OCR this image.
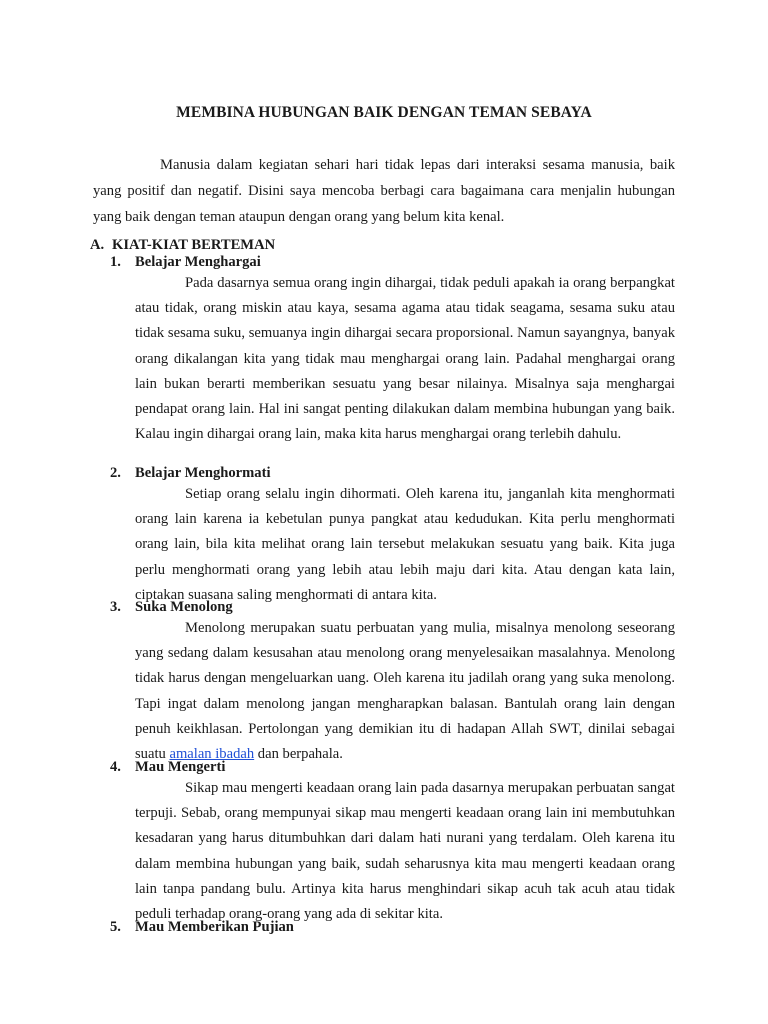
MEMBINA HUBUNGAN BAIK DENGAN TEMAN SEBAYA

Manusia dalam kegiatan sehari hari tidak lepas dari interaksi sesama manusia, baik yang positif dan negatif. Disini saya mencoba berbagi cara bagaimana cara menjalin hubungan yang baik dengan teman ataupun dengan orang yang belum kita kenal.

A. KIAT-KIAT BERTEMAN
1. Belajar Menghargai

Pada dasarnya semua orang ingin dihargai, tidak peduli apakah ia orang berpangkat atau tidak, orang miskin atau kaya, sesama agama atau tidak seagama, sesama suku atau tidak sesama suku, semuanya ingin dihargai secara proporsional. Namun sayangnya, banyak orang dikalangan kita yang tidak mau menghargai orang lain. Padahal menghargai orang lain bukan berarti memberikan sesuatu yang besar nilainya. Misalnya saja menghargai pendapat orang lain. Hal ini sangat penting dilakukan dalam membina hubungan yang baik. Kalau ingin dihargai orang lain, maka kita harus menghargai orang terlebih dahulu.

2. Belajar Menghormati

Setiap orang selalu ingin dihormati. Oleh karena itu, janganlah kita menghormati orang lain karena ia kebetulan punya pangkat atau kedudukan. Kita perlu menghormati orang lain, bila kita melihat orang lain tersebut melakukan sesuatu yang baik. Kita juga perlu menghormati orang yang lebih atau lebih maju dari kita. Atau dengan kata lain, ciptakan suasana saling menghormati di antara kita.

3. Suka Menolong

Menolong merupakan suatu perbuatan yang mulia, misalnya menolong seseorang yang sedang dalam kesusahan atau menolong orang menyelesaikan masalahnya. Menolong tidak harus dengan mengeluarkan uang. Oleh karena itu jadilah orang yang suka menolong. Tapi ingat dalam menolong jangan mengharapkan balasan. Bantulah orang lain dengan penuh keikhlasan. Pertolongan yang demikian itu di hadapan Allah SWT, dinilai sebagai suatu amalan ibadah dan berpahala.

4. Mau Mengerti

Sikap mau mengerti keadaan orang lain pada dasarnya merupakan perbuatan sangat terpuji. Sebab, orang mempunyai sikap mau mengerti keadaan orang lain ini membutuhkan kesadaran yang harus ditumbuhkan dari dalam hati nurani yang terdalam. Oleh karena itu dalam membina hubungan yang baik, sudah seharusnya kita mau mengerti keadaan orang lain tanpa pandang bulu. Artinya kita harus menghindari sikap acuh tak acuh atau tidak peduli terhadap orang-orang yang ada di sekitar kita.

5. Mau Memberikan Pujian
